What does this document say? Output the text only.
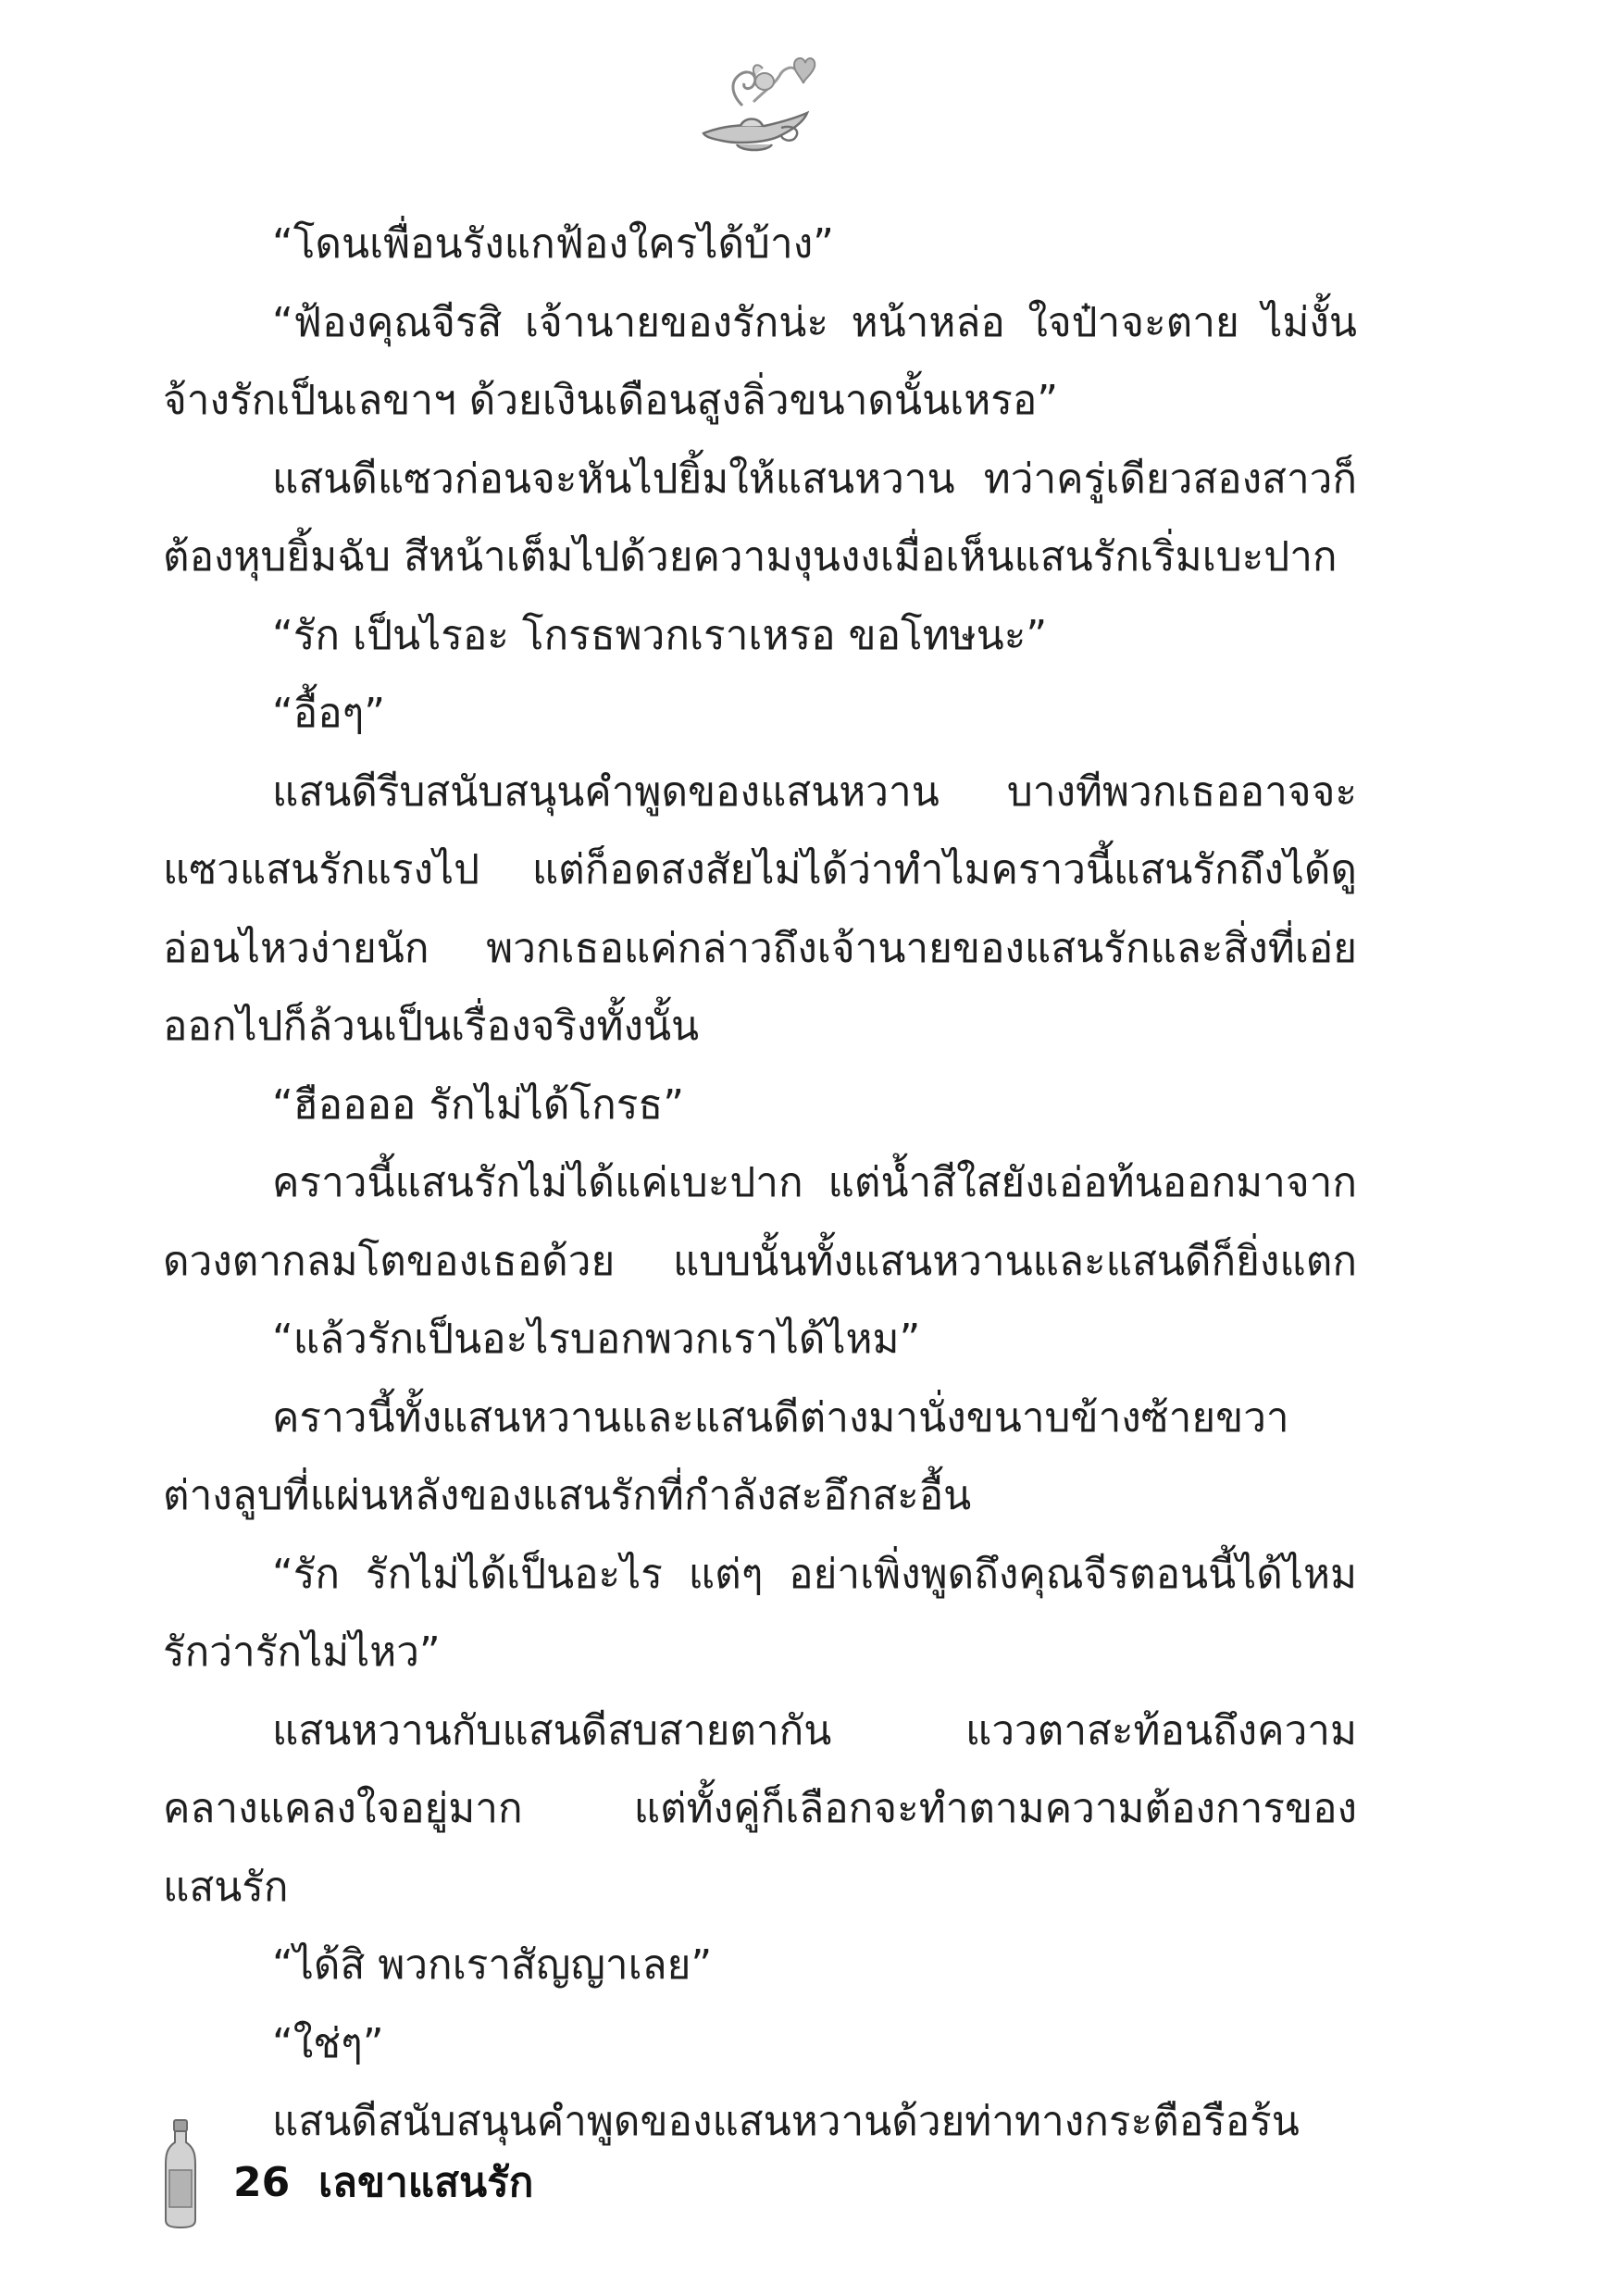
“โดนเพื่อนรังแกฟ้องใครได้บ้าง”
“ฟ้องคุณจีรสิ เจ้านายของรักน่ะ หน้าหล่อ ใจป๋าจะตาย ไม่งั้น
จ้างรักเป็นเลขาฯ ด้วยเงินเดือนสูงลิ่วขนาดนั้นเหรอ”
แสนดีแซวก่อนจะหันไปยิ้มให้แสนหวาน ทว่าครู่เดียวสองสาวก็
ต้องหุบยิ้มฉับ สีหน้าเต็มไปด้วยความงุนงงเมื่อเห็นแสนรักเริ่มเบะปาก
“รัก เป็นไรอะ โกรธพวกเราเหรอ ขอโทษนะ”
“อื้อๆ”
แสนดีรีบสนับสนุนคำพูดของแสนหวาน บางทีพวกเธออาจจะ
แซวแสนรักแรงไป แต่ก็อดสงสัยไม่ได้ว่าทำไมคราวนี้แสนรักถึงได้ดู
อ่อนไหวง่ายนัก พวกเธอแค่กล่าวถึงเจ้านายของแสนรักและสิ่งที่เอ่ย
ออกไปก็ล้วนเป็นเรื่องจริงทั้งนั้น
“ฮืออออ รักไม่ได้โกรธ”
คราวนี้แสนรักไม่ได้แค่เบะปาก แต่น้ำสีใสยังเอ่อท้นออกมาจาก
ดวงตากลมโตของเธอด้วย แบบนั้นทั้งแสนหวานและแสนดีก็ยิ่งแตก
“แล้วรักเป็นอะไรบอกพวกเราได้ไหม”
คราวนี้ทั้งแสนหวานและแสนดีต่างมานั่งขนาบข้างซ้ายขวา
ต่างลูบที่แผ่นหลังของแสนรักที่กำลังสะอึกสะอื้น
“รัก รักไม่ได้เป็นอะไร แต่ๆ อย่าเพิ่งพูดถึงคุณจีรตอนนี้ได้ไหม
รักว่ารักไม่ไหว”
แสนหวานกับแสนดีสบสายตากัน แววตาสะท้อนถึงความ
คลางแคลงใจอยู่มาก แต่ทั้งคู่ก็เลือกจะทำตามความต้องการของ
แสนรัก
“ได้สิ พวกเราสัญญาเลย”
“ใช่ๆ”
แสนดีสนับสนุนคำพูดของแสนหวานด้วยท่าทางกระตือรือร้น
26 เลขาแสนรัก
